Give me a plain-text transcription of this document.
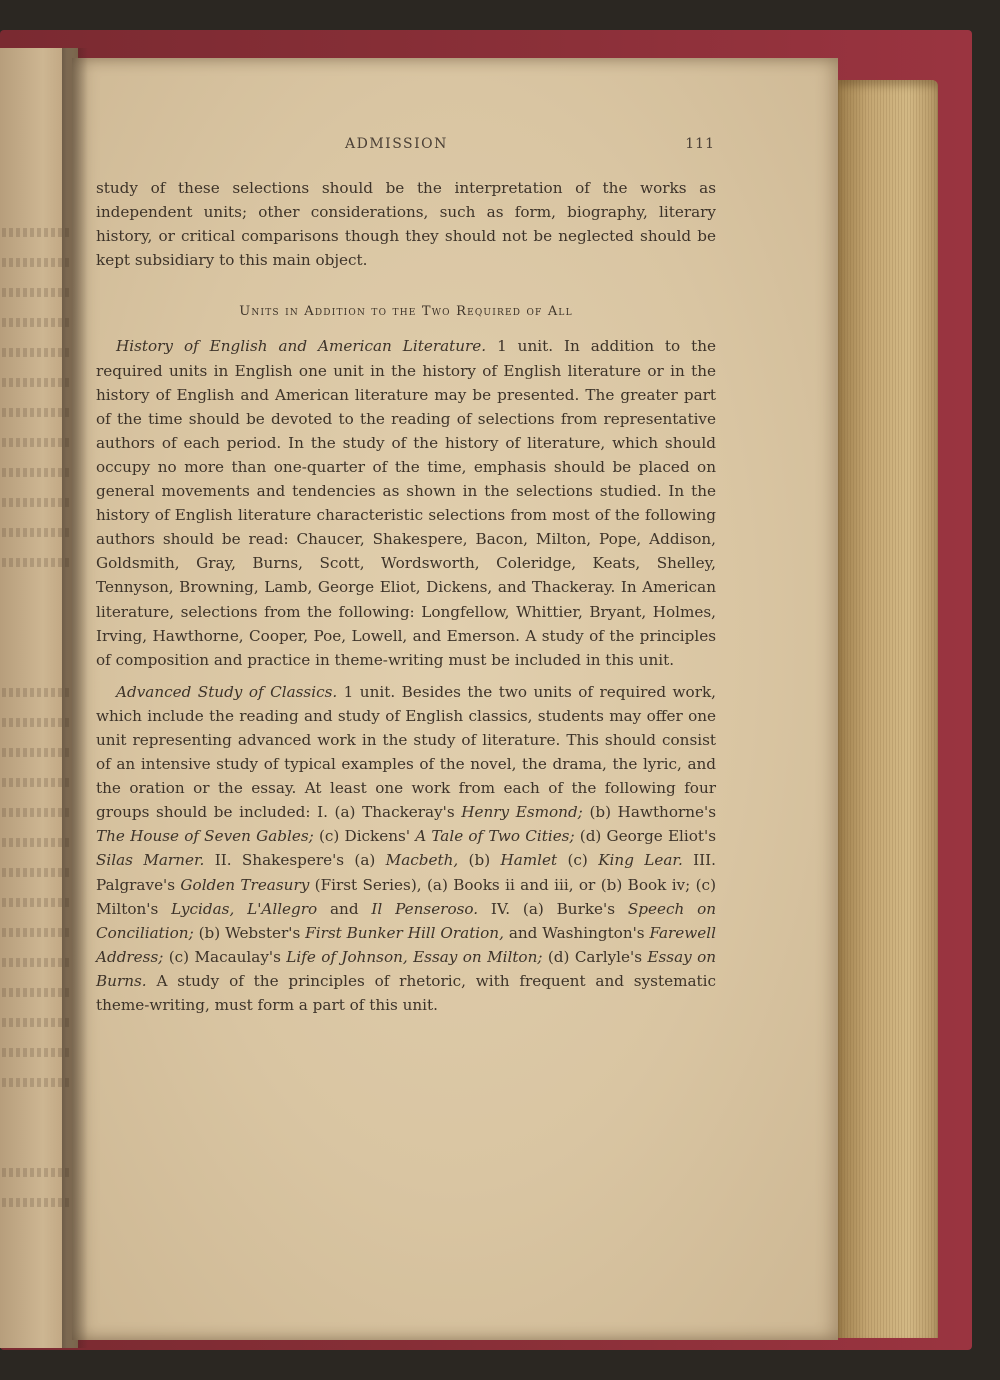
ADMISSION	111

study of these selections should be the interpretation of the works as independent units; other considerations, such as form, biography, literary history, or critical comparisons though they should not be neglected should be kept subsidiary to this main object.

Units in Addition to the Two Required of All

History of English and American Literature. 1 unit. In addition to the required units in English one unit in the history of English literature or in the history of English and American literature may be presented. The greater part of the time should be devoted to the reading of selections from representative authors of each period. In the study of the history of literature, which should occupy no more than one-quarter of the time, emphasis should be placed on general movements and tendencies as shown in the selections studied. In the history of English literature characteristic selections from most of the following authors should be read: Chaucer, Shakespere, Bacon, Milton, Pope, Addison, Goldsmith, Gray, Burns, Scott, Wordsworth, Coleridge, Keats, Shelley, Tennyson, Browning, Lamb, George Eliot, Dickens, and Thackeray. In American literature, selections from the following: Longfellow, Whittier, Bryant, Holmes, Irving, Hawthorne, Cooper, Poe, Lowell, and Emerson. A study of the principles of composition and practice in theme-writing must be included in this unit.

Advanced Study of Classics. 1 unit. Besides the two units of required work, which include the reading and study of English classics, students may offer one unit representing advanced work in the study of literature. This should consist of an intensive study of typical examples of the novel, the drama, the lyric, and the oration or the essay. At least one work from each of the following four groups should be included: I. (a) Thackeray's Henry Esmond; (b) Hawthorne's The House of Seven Gables; (c) Dickens' A Tale of Two Cities; (d) George Eliot's Silas Marner. II. Shakespere's (a) Macbeth, (b) Hamlet (c) King Lear. III. Palgrave's Golden Treasury (First Series), (a) Books ii and iii, or (b) Book iv; (c) Milton's Lycidas, L'Allegro and Il Penseroso. IV. (a) Burke's Speech on Conciliation; (b) Webster's First Bunker Hill Oration, and Washington's Farewell Address; (c) Macaulay's Life of Johnson, Essay on Milton; (d) Carlyle's Essay on Burns. A study of the principles of rhetoric, with frequent and systematic theme-writing, must form a part of this unit.
